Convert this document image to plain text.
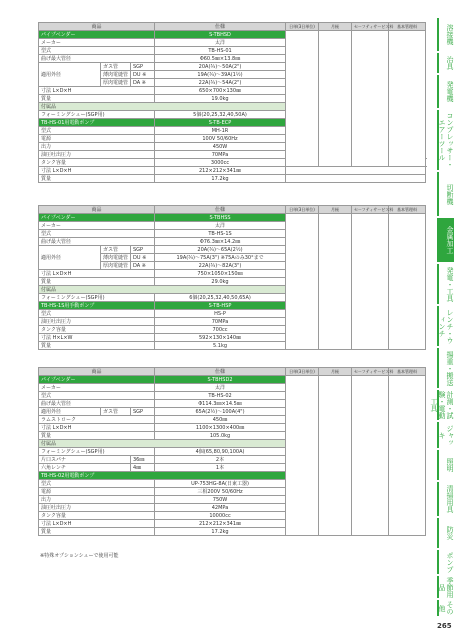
商品			仕様	日単(3日単位)	月極	セーフティサービス料	基本管理料	
パイプベンダー			S-TBHSD					
メーカー			太洋					
型式			TB-HS-01					
曲げ最大管径			Φ60.5㎜×13.8㎜					
適用外径	ガス管	SGP	20A(¾)〜50A(2")					
	薄肉電縫管	DU ※	19A(¾)〜39A(1½)					
	厚肉電縫管	DA ※	22A(¾)〜54A(2")					
寸法 L×D×H			650×700×130㎜					
質量			19.0kg					
付属品								
フォーミングシュー(SGP用)			5個(20,25,32,40,50A)					
TB-HS-01用電動ポンプ			S-TB-ECP					
型式			MH-1R					
電源			100V 50/60Hz					
出力			450W					
油圧吐出圧力			70MPa					
タンク容量			3000cc					
寸法 L×D×H			212×212×341㎜					
質量			17.2kg					
商品			仕様	日単(3日単位)	月極	セーフティサービス料	基本管理料
パイプベンダー			S-TBHSS				
メーカー			太洋				
型式			TB-HS-1S				
曲げ最大管径			Φ76.3㎜×14.2㎜				
適用外径	ガス管	SGP	20A(¾)〜65A(2½)				
	薄肉電縫管	DU ※	19A(¾)〜75A(3") ※75Aのみ30°まで				
	厚肉電縫管	DA ※	22A(¾)〜82A(3")				
寸法 L×D×H			750×1050×150㎜				
質量			29.0kg				
付属品							
フォーミングシュー(SGP用)			6個(20,25,32,40,50,65A)				
TB-HS-1S用手動ポンプ			S-TB-HSP				
型式			HS-P				
油圧吐出圧力			70MPa				
タンク容量			700cc				
寸法 H×L×W			592×130×140㎜				
質量			5.1kg				
商品			仕様	日単(3日単位)	月極	セーフティサービス料	基本管理料
パイプベンダー			S-TBHSD2				
メーカー			太洋				
型式			TB-HS-02				
曲げ最大管径			Φ114.3㎜×14.5㎜				
適用外径	ガス管	SGP	65A(2½)〜100A(4")				
ラムストローク			450㎜				
寸法 L×D×H			1100×1300×400㎜				
質量			105.0kg				
付属品							
フォーミングシュー(SGP用)			4個(65,80,90,100A)				
片口スパナ		36㎜	2本				
六角レンチ		4㎜	1本				
TB-HS-02用電動ポンプ							
型式			UP-753HG-8A(日東工器)				
電源			三相200V 50/60Hz				
出力			750W				
油圧吐出圧力			42MPa				
タンク容量			10000cc				
寸法 L×D×H			212×212×341㎜				
質量			17.2kg				
※特殊オプションシューで使用可能
溶接機
治具
発電機
コンプレッサー・エアーツール
切断機
金属加工
発電・工具
レンチ・ウィンチ
揚重・搬送
計測・試験・電動工具
ジャッキ
照明
清掃用具
防災
ポンプ
季節用品
その他
265
